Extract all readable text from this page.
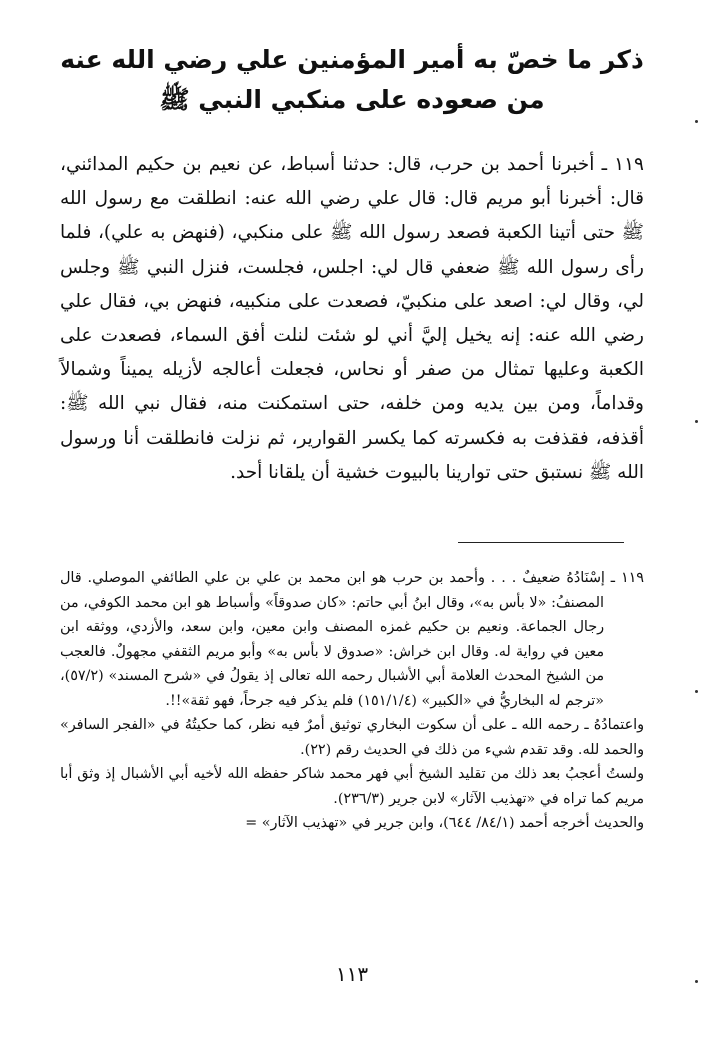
ذكر ما خصّ به أمير المؤمنين علي رضي الله عنه
من صعوده على منكبي النبي ﷺ
١١٩ ـ أخبرنا أحمد بن حرب، قال: حدثنا أسباط، عن نعيم بن حكيم المدائني، قال: أخبرنا أبو مريم قال: قال علي رضي الله عنه: انطلقت مع رسول الله ﷺ حتى أتينا الكعبة فصعد رسول الله ﷺ على منكبي، (فنهض به علي)، فلما رأى رسول الله ﷺ ضعفي قال لي: اجلس، فجلست، فنزل النبي ﷺ وجلس لي، وقال لي: اصعد على منكبيّ، فصعدت على منكبيه، فنهض بي، فقال علي رضي الله عنه: إنه يخيل إليَّ أني لو شئت لنلت أفق السماء، فصعدت على الكعبة وعليها تمثال من صفر أو نحاس، فجعلت أعالجه لأزيله يميناً وشمالاً وقداماً، ومن بين يديه ومن خلفه، حتى استمكنت منه، فقال نبي الله ﷺ: أقذفه، فقذفت به فكسرته كما يكسر القوارير، ثم نزلت فانطلقت أنا ورسول الله ﷺ نستبق حتى توارينا بالبيوت خشية أن يلقانا أحد.

١١٩ ـ إسْنَادُهُ ضعيفٌ . . . وأحمد بن حرب هو ابن محمد بن علي بن علي الطائفي الموصلي. قال المصنفُ: «لا بأس به»، وقال ابنُ أبي حاتم: «كان صدوقاً» وأسباط هو ابن محمد الكوفي، من رجال الجماعة. ونعيم بن حكيم غمزه المصنف وابن معين، وابن سعد، والأزدي، ووثقه ابن معين في رواية له. وقال ابن خراش: «صدوق لا بأس به» وأبو مريم الثقفي مجهولٌ. فالعجب من الشيخ المحدث العلامة أبي الأشبال رحمه الله تعالى إذ يقولُ في «شرح المسند» (٥٧/٢)، «ترجم له البخاريُّ في «الكبير» (١٥١/١/٤) فلم يذكر فيه جرحاً، فهو ثقة»!!.

واعتمادُهُ ـ رحمه الله ـ على أن سكوت البخاري توثيق أمرٌ فيه نظر، كما حكيتُهُ في «الفجر السافر» والحمد لله. وقد تقدم شيء من ذلك في الحديث رقم (٢٢).

ولستُ أعجبُ بعد ذلك من تقليد الشيخ أبي فهر محمد شاكر حفظه الله لأخيه أبي الأشبال إذ وثق أبا مريم كما تراه في «تهذيب الآثار» لابن جرير (٢٣٦/٣).

والحديث أخرجه أحمد (٨٤/١/ ٦٤٤)، وابن جرير في «تهذيب الآثار» =

١١٣
